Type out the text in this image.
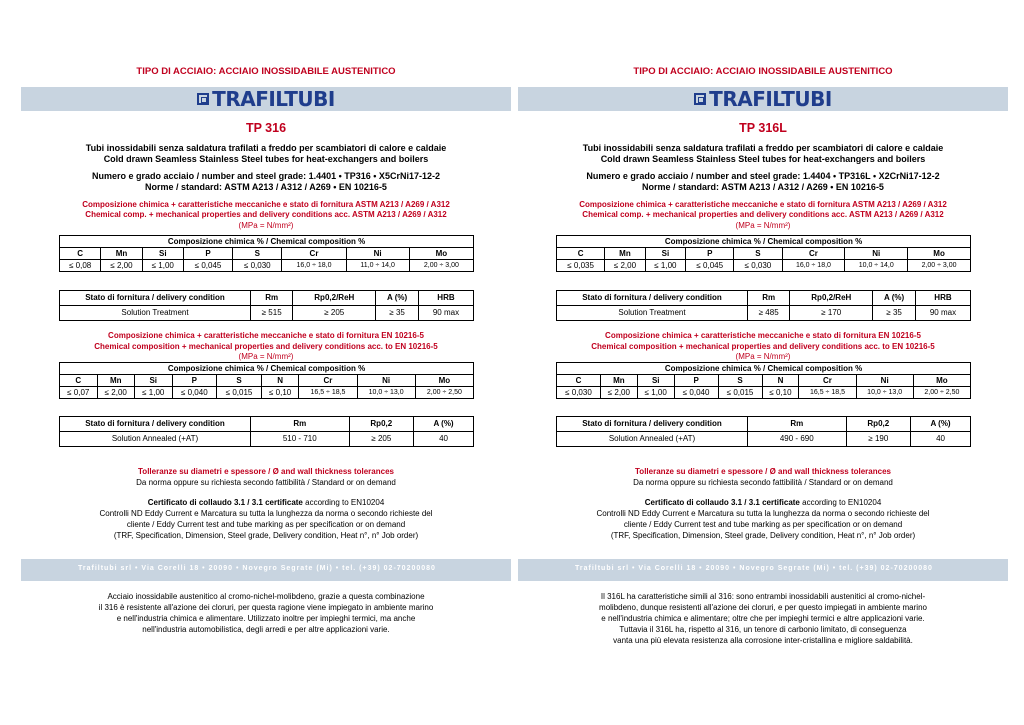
TIPO DI ACCIAIO: ACCIAIO INOSSIDABILE AUSTENITICO
TRAFILTUBI
TP 316
Tubi inossidabili senza saldatura trafilati a freddo per scambiatori di calore e caldaie
Cold drawn Seamless Stainless Steel tubes for heat-exchangers and boilers
Numero e grado acciaio / number and steel grade: 1.4401 • TP316 • X5CrNi17-12-2
Norme / standard: ASTM A213 / A312 / A269 • EN 10216-5
Composizione chimica + caratteristiche meccaniche e stato di fornitura ASTM A213 / A269 / A312
Chemical comp. + mechanical properties and delivery conditions acc. ASTM A213 / A269 / A312
(MPa = N/mm²)
Composizione chimica % / Chemical composition %							
C	Mn	Si	P	S	Cr	Ni	Mo
≤ 0,08	≤ 2,00	≤ 1,00	≤ 0,045	≤ 0,030	16,0 ÷ 18,0	11,0 ÷ 14,0	2,00 ÷ 3,00
Stato di fornitura / delivery condition	Rm	Rp0,2/ReH	A (%)	HRB
Solution Treatment	≥ 515	≥ 205	≥ 35	90 max
Composizione chimica + caratteristiche meccaniche e stato di fornitura EN 10216-5
Chemical composition + mechanical properties and delivery conditions acc. to EN 10216-5
(MPa = N/mm²)
Composizione chimica % / Chemical composition %								
C	Mn	Si	P	S	N	Cr	Ni	Mo
≤ 0,07	≤ 2,00	≤ 1,00	≤ 0,040	≤ 0,015	≤ 0,10	16,5 ÷ 18,5	10,0 ÷ 13,0	2,00 ÷ 2,50
Stato di fornitura / delivery condition	Rm	Rp0,2	A (%)
Solution Annealed (+AT)	510 - 710	≥ 205	40
Tolleranze su diametri e spessore / Ø and wall thickness tolerances
Da norma oppure su richiesta secondo fattibilità / Standard or on demand
Certificato di collaudo 3.1 / 3.1 certificate according to EN10204
Controlli ND Eddy Current e Marcatura su tutta la lunghezza da norma o secondo richieste del
cliente / Eddy Current test and tube marking as per specification or on demand
(TRF, Specification, Dimension, Steel grade, Delivery condition, Heat n°, n° Job order)
Trafiltubi srl • Via Corelli 18 • 20090 • Novegro Segrate (Mi) • tel. (+39) 02-70200080
Acciaio inossidabile austenitico al cromo-nichel-molibdeno, grazie a questa combinazione
il 316 è resistente all'azione dei cloruri, per questa ragione viene impiegato in ambiente marino
e nell'industria chimica e alimentare. Utilizzato inoltre per impieghi termici, ma anche
nell'industria automobilistica, degli arredi e per altre applicazioni varie.
TIPO DI ACCIAIO: ACCIAIO INOSSIDABILE AUSTENITICO
TRAFILTUBI
TP 316L
Tubi inossidabili senza saldatura trafilati a freddo per scambiatori di calore e caldaie
Cold drawn Seamless Stainless Steel tubes for heat-exchangers and boilers
Numero e grado acciaio / number and steel grade: 1.4404 • TP316L • X2CrNi17-12-2
Norme / standard: ASTM A213 / A312 / A269 • EN 10216-5
Composizione chimica + caratteristiche meccaniche e stato di fornitura ASTM A213 / A269 / A312
Chemical comp. + mechanical properties and delivery conditions acc. ASTM A213 / A269 / A312
(MPa = N/mm²)
Composizione chimica % / Chemical composition %							
C	Mn	Si	P	S	Cr	Ni	Mo
≤ 0,035	≤ 2,00	≤ 1,00	≤ 0,045	≤ 0,030	16,0 ÷ 18,0	10,0 ÷ 14,0	2,00 ÷ 3,00
Stato di fornitura / delivery condition	Rm	Rp0,2/ReH	A (%)	HRB
Solution Treatment	≥ 485	≥ 170	≥ 35	90 max
Composizione chimica + caratteristiche meccaniche e stato di fornitura EN 10216-5
Chemical composition + mechanical properties and delivery conditions acc. to EN 10216-5
(MPa = N/mm²)
Composizione chimica % / Chemical composition %								
C	Mn	Si	P	S	N	Cr	Ni	Mo
≤ 0,030	≤ 2,00	≤ 1,00	≤ 0,040	≤ 0,015	≤ 0,10	16,5 ÷ 18,5	10,0 ÷ 13,0	2,00 ÷ 2,50
Stato di fornitura / delivery condition	Rm	Rp0,2	A (%)
Solution Annealed (+AT)	490 - 690	≥ 190	40
Tolleranze su diametri e spessore / Ø and wall thickness tolerances
Da norma oppure su richiesta secondo fattibilità / Standard or on demand
Certificato di collaudo 3.1 / 3.1 certificate according to EN10204
Controlli ND Eddy Current e Marcatura su tutta la lunghezza da norma o secondo richieste del
cliente / Eddy Current test and tube marking as per specification or on demand
(TRF, Specification, Dimension, Steel grade, Delivery condition, Heat n°, n° Job order)
Trafiltubi srl • Via Corelli 18 • 20090 • Novegro Segrate (Mi) • tel. (+39) 02-70200080
Il 316L ha caratteristiche simili al 316: sono entrambi inossidabili austenitici al cromo-nichel-
molibdeno, dunque resistenti all'azione dei cloruri, e per questo impiegati in ambiente marino
e nell'industria chimica e alimentare; oltre che per impieghi termici e altre applicazioni varie.
Tuttavia il 316L ha, rispetto al 316, un tenore di carbonio limitato, di conseguenza
vanta una più elevata resistenza alla corrosione inter-cristallina e migliore saldabilità.
